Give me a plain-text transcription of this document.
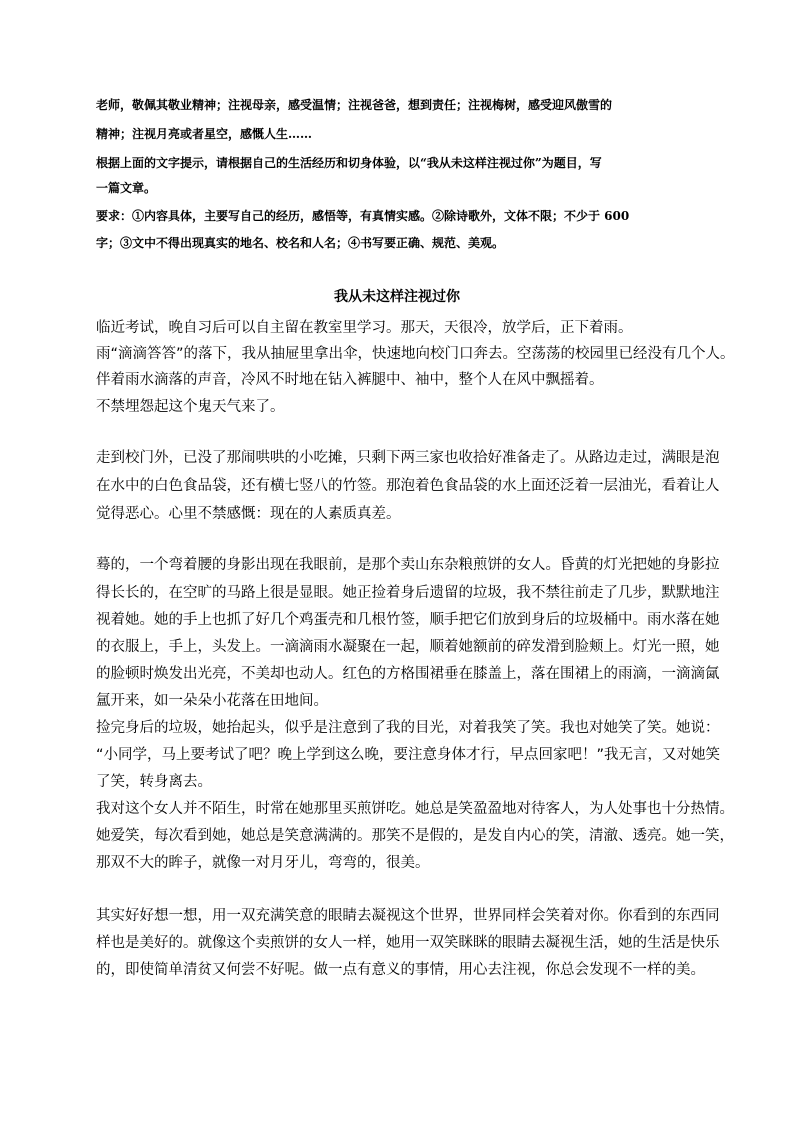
老师，敬佩其敬业精神；注视母亲，感受温情；注视爸爸，想到责任；注视梅树，感受迎风傲雪的
精神；注视月亮或者星空，感慨人生……
根据上面的文字提示，请根据自己的生活经历和切身体验，以“我从未这样注视过你”为题目，写
一篇文章。
要求：①内容具体，主要写自己的经历，感悟等，有真情实感。②除诗歌外，文体不限；不少于 600
字；③文中不得出现真实的地名、校名和人名；④书写要正确、规范、美观。
我从未这样注视过你
临近考试，晚自习后可以自主留在教室里学习。那天，天很冷，放学后，正下着雨。
雨“滴滴答答”的落下，我从抽屉里拿出伞，快速地向校门口奔去。空荡荡的校园里已经没有几个人。
伴着雨水滴落的声音，冷风不时地在钻入裤腿中、袖中，整个人在风中飘摇着。
不禁埋怨起这个鬼天气来了。
走到校门外，已没了那闹哄哄的小吃摊，只剩下两三家也收拾好准备走了。从路边走过，满眼是泡
在水中的白色食品袋，还有横七竖八的竹签。那泡着色食品袋的水上面还泛着一层油光，看着让人
觉得恶心。心里不禁感慨：现在的人素质真差。
蓦的，一个弯着腰的身影出现在我眼前，是那个卖山东杂粮煎饼的女人。昏黄的灯光把她的身影拉
得长长的，在空旷的马路上很是显眼。她正捡着身后遗留的垃圾，我不禁往前走了几步，默默地注
视着她。她的手上也抓了好几个鸡蛋壳和几根竹签，顺手把它们放到身后的垃圾桶中。雨水落在她
的衣服上，手上，头发上。一滴滴雨水凝聚在一起，顺着她额前的碎发滑到脸颊上。灯光一照，她
的脸顿时焕发出光亮，不美却也动人。红色的方格围裙垂在膝盖上，落在围裙上的雨滴，一滴滴氤
氲开来，如一朵朵小花落在田地间。
捡完身后的垃圾，她抬起头，似乎是注意到了我的目光，对着我笑了笑。我也对她笑了笑。她说：
“小同学，马上要考试了吧？晚上学到这么晚，要注意身体才行，早点回家吧！”我无言，又对她笑
了笑，转身离去。
我对这个女人并不陌生，时常在她那里买煎饼吃。她总是笑盈盈地对待客人，为人处事也十分热情。
她爱笑，每次看到她，她总是笑意满满的。那笑不是假的，是发自内心的笑，清澈、透亮。她一笑，
那双不大的眸子，就像一对月牙儿，弯弯的，很美。
其实好好想一想，用一双充满笑意的眼睛去凝视这个世界，世界同样会笑着对你。你看到的东西同
样也是美好的。就像这个卖煎饼的女人一样，她用一双笑眯眯的眼睛去凝视生活，她的生活是快乐
的，即使简单清贫又何尝不好呢。做一点有意义的事情，用心去注视，你总会发现不一样的美。
